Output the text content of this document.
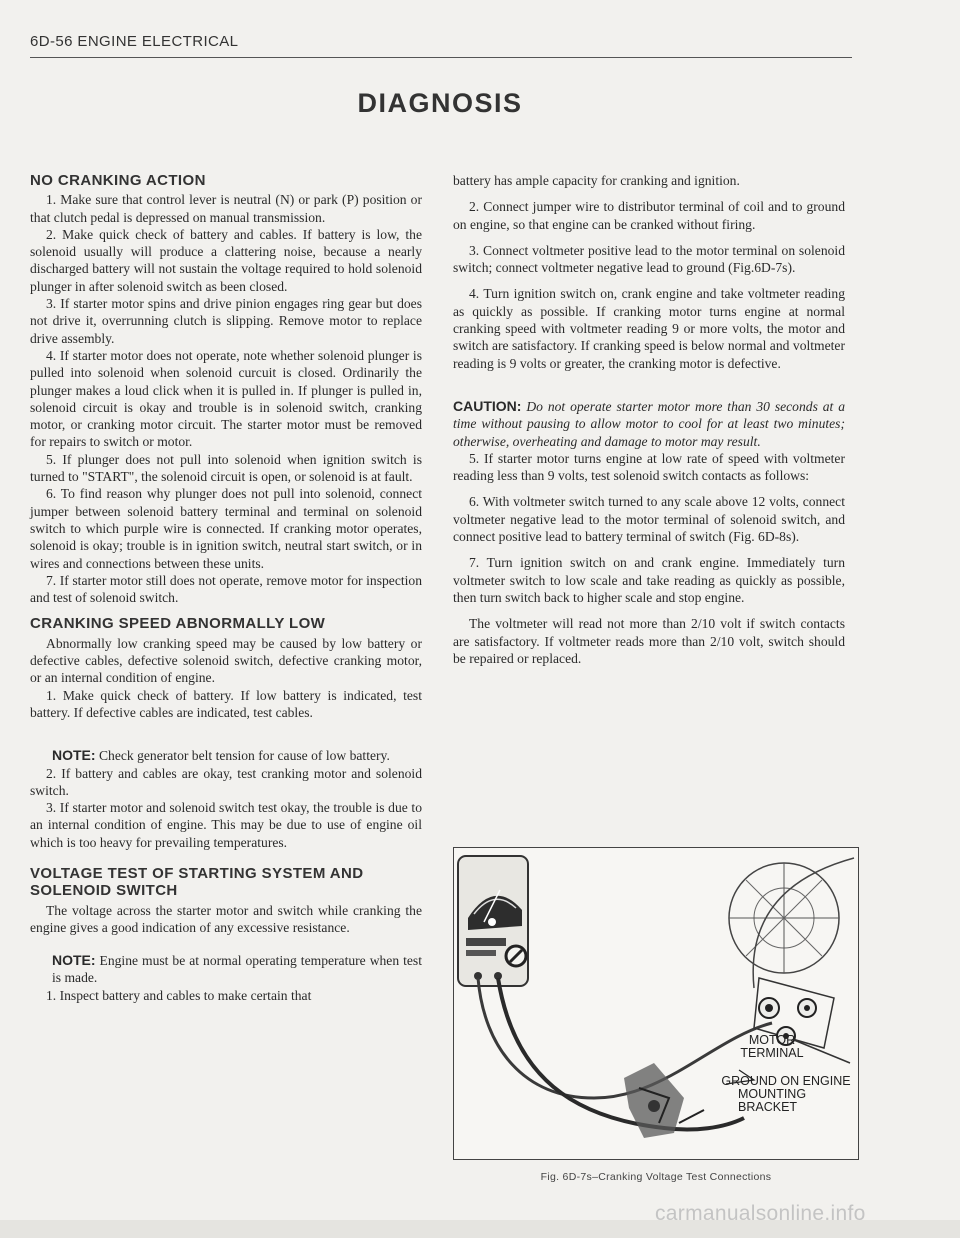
6D-56 ENGINE ELECTRICAL
DIAGNOSIS
NO CRANKING ACTION

1. Make sure that control lever is neutral (N) or park (P) position or that clutch pedal is depressed on manual transmission.

2. Make quick check of battery and cables. If battery is low, the solenoid usually will produce a clattering noise, because a nearly discharged battery will not sustain the voltage required to hold solenoid plunger in after solenoid switch as been closed.

3. If starter motor spins and drive pinion engages ring gear but does not drive it, overrunning clutch is slipping. Remove motor to replace drive assembly.

4. If starter motor does not operate, note whether solenoid plunger is pulled into solenoid when solenoid curcuit is closed. Ordinarily the plunger makes a loud click when it is pulled in. If plunger is pulled in, solenoid circuit is okay and trouble is in solenoid switch, cranking motor, or cranking motor circuit. The starter motor must be removed for repairs to switch or motor.

5. If plunger does not pull into solenoid when ignition switch is turned to "START", the solenoid circuit is open, or solenoid is at fault.

6. To find reason why plunger does not pull into solenoid, connect jumper between solenoid battery terminal and terminal on solenoid switch to which purple wire is connected. If cranking motor operates, solenoid is okay; trouble is in ignition switch, neutral start switch, or in wires and connections between these units.

7. If starter motor still does not operate, remove motor for inspection and test of solenoid switch.

CRANKING SPEED ABNORMALLY LOW

Abnormally low cranking speed may be caused by low battery or defective cables, defective solenoid switch, defective cranking motor, or an internal condition of engine.

1. Make quick check of battery. If low battery is indicated, test battery. If defective cables are indicated, test cables.

NOTE: Check generator belt tension for cause of low battery.

2. If battery and cables are okay, test cranking motor and solenoid switch.

3. If starter motor and solenoid switch test okay, the trouble is due to an internal condition of engine. This may be due to use of engine oil which is too heavy for prevailing temperatures.

VOLTAGE TEST OF STARTING SYSTEM AND SOLENOID SWITCH

The voltage across the starter motor and switch while cranking the engine gives a good indication of any excessive resistance.

NOTE: Engine must be at normal operating temperature when test is made.

1. Inspect battery and cables to make certain that

battery has ample capacity for cranking and ignition.

2. Connect jumper wire to distributor terminal of coil and to ground on engine, so that engine can be cranked without firing.

3. Connect voltmeter positive lead to the motor terminal on solenoid switch; connect voltmeter negative lead to ground (Fig.6D-7s).

4. Turn ignition switch on, crank engine and take voltmeter reading as quickly as possible. If cranking motor turns engine at normal cranking speed with voltmeter reading 9 or more volts, the motor and switch are satisfactory. If cranking speed is below normal and voltmeter reading is 9 volts or greater, the cranking motor is defective.

CAUTION: Do not operate starter motor more than 30 seconds at a time without pausing to allow motor to cool for at least two minutes; otherwise, overheating and damage to motor may result.

5. If starter motor turns engine at low rate of speed with voltmeter reading less than 9 volts, test solenoid switch contacts as follows:

6. With voltmeter switch turned to any scale above 12 volts, connect voltmeter negative lead to the motor terminal of solenoid switch, and connect positive lead to battery terminal of switch (Fig. 6D-8s).

7. Turn ignition switch on and crank engine. Immediately turn voltmeter switch to low scale and take reading as quickly as possible, then turn switch back to higher scale and stop engine.

The voltmeter will read not more than 2/10 volt if switch contacts are satisfactory. If voltmeter reads more than 2/10 volt, switch should be repaired or replaced.

MOTOR
TERMINAL
GROUND ON ENGINE
MOUNTING
BRACKET
Fig. 6D-7s–Cranking Voltage Test Connections
carmanualsonline.info
